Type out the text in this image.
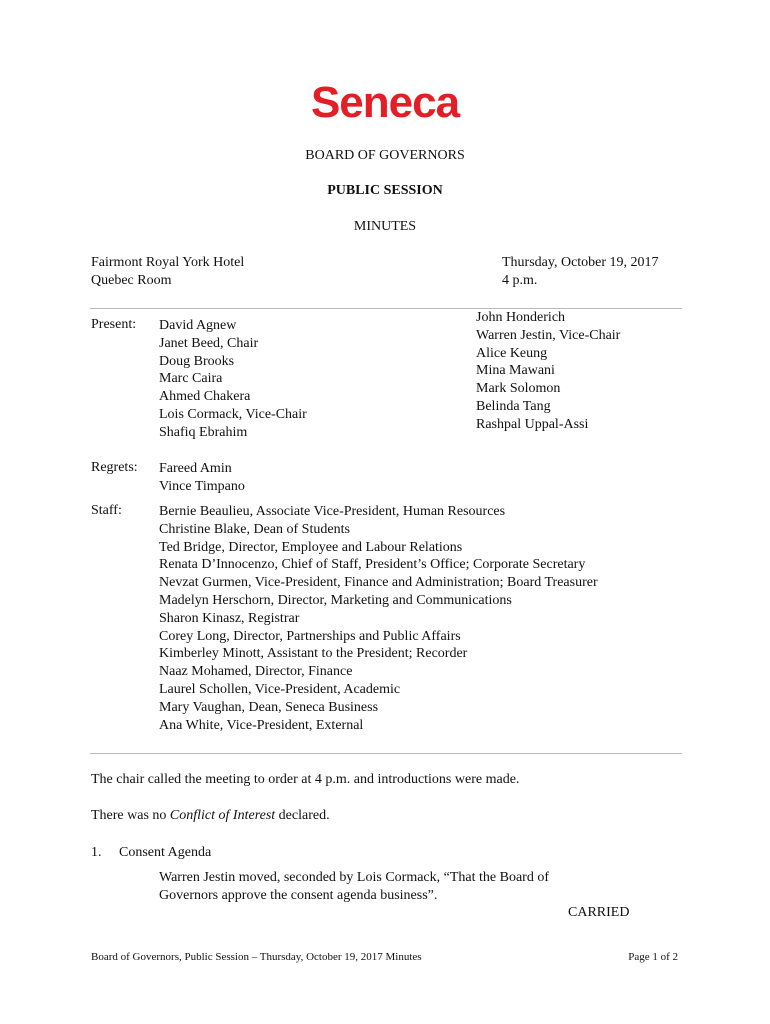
Seneca
BOARD OF GOVERNORS
PUBLIC SESSION
MINUTES
Fairmont Royal York Hotel
Quebec Room
Thursday, October 19, 2017
4 p.m.
Present: David Agnew
Janet Beed, Chair
Doug Brooks
Marc Caira
Ahmed Chakera
Lois Cormack, Vice-Chair
Shafiq Ebrahim
John Honderich
Warren Jestin, Vice-Chair
Alice Keung
Mina Mawani
Mark Solomon
Belinda Tang
Rashpal Uppal-Assi
Regrets: Fareed Amin
Vince Timpano
Staff:	Bernie Beaulieu, Associate Vice-President, Human Resources
Christine Blake, Dean of Students
Ted Bridge, Director, Employee and Labour Relations
Renata D’Innocenzo, Chief of Staff, President’s Office; Corporate Secretary
Nevzat Gurmen, Vice-President, Finance and Administration; Board Treasurer
Madelyn Herschorn, Director, Marketing and Communications
Sharon Kinasz, Registrar
Corey Long, Director, Partnerships and Public Affairs
Kimberley Minott, Assistant to the President; Recorder
Naaz Mohamed, Director, Finance
Laurel Schollen, Vice-President, Academic
Mary Vaughan, Dean, Seneca Business
Ana White, Vice-President, External
The chair called the meeting to order at 4 p.m. and introductions were made.
There was no Conflict of Interest declared.
1. Consent Agenda
Warren Jestin moved, seconded by Lois Cormack, “That the Board of Governors approve the consent agenda business”.
CARRIED
Board of Governors, Public Session – Thursday, October 19, 2017 Minutes	Page 1 of 2
